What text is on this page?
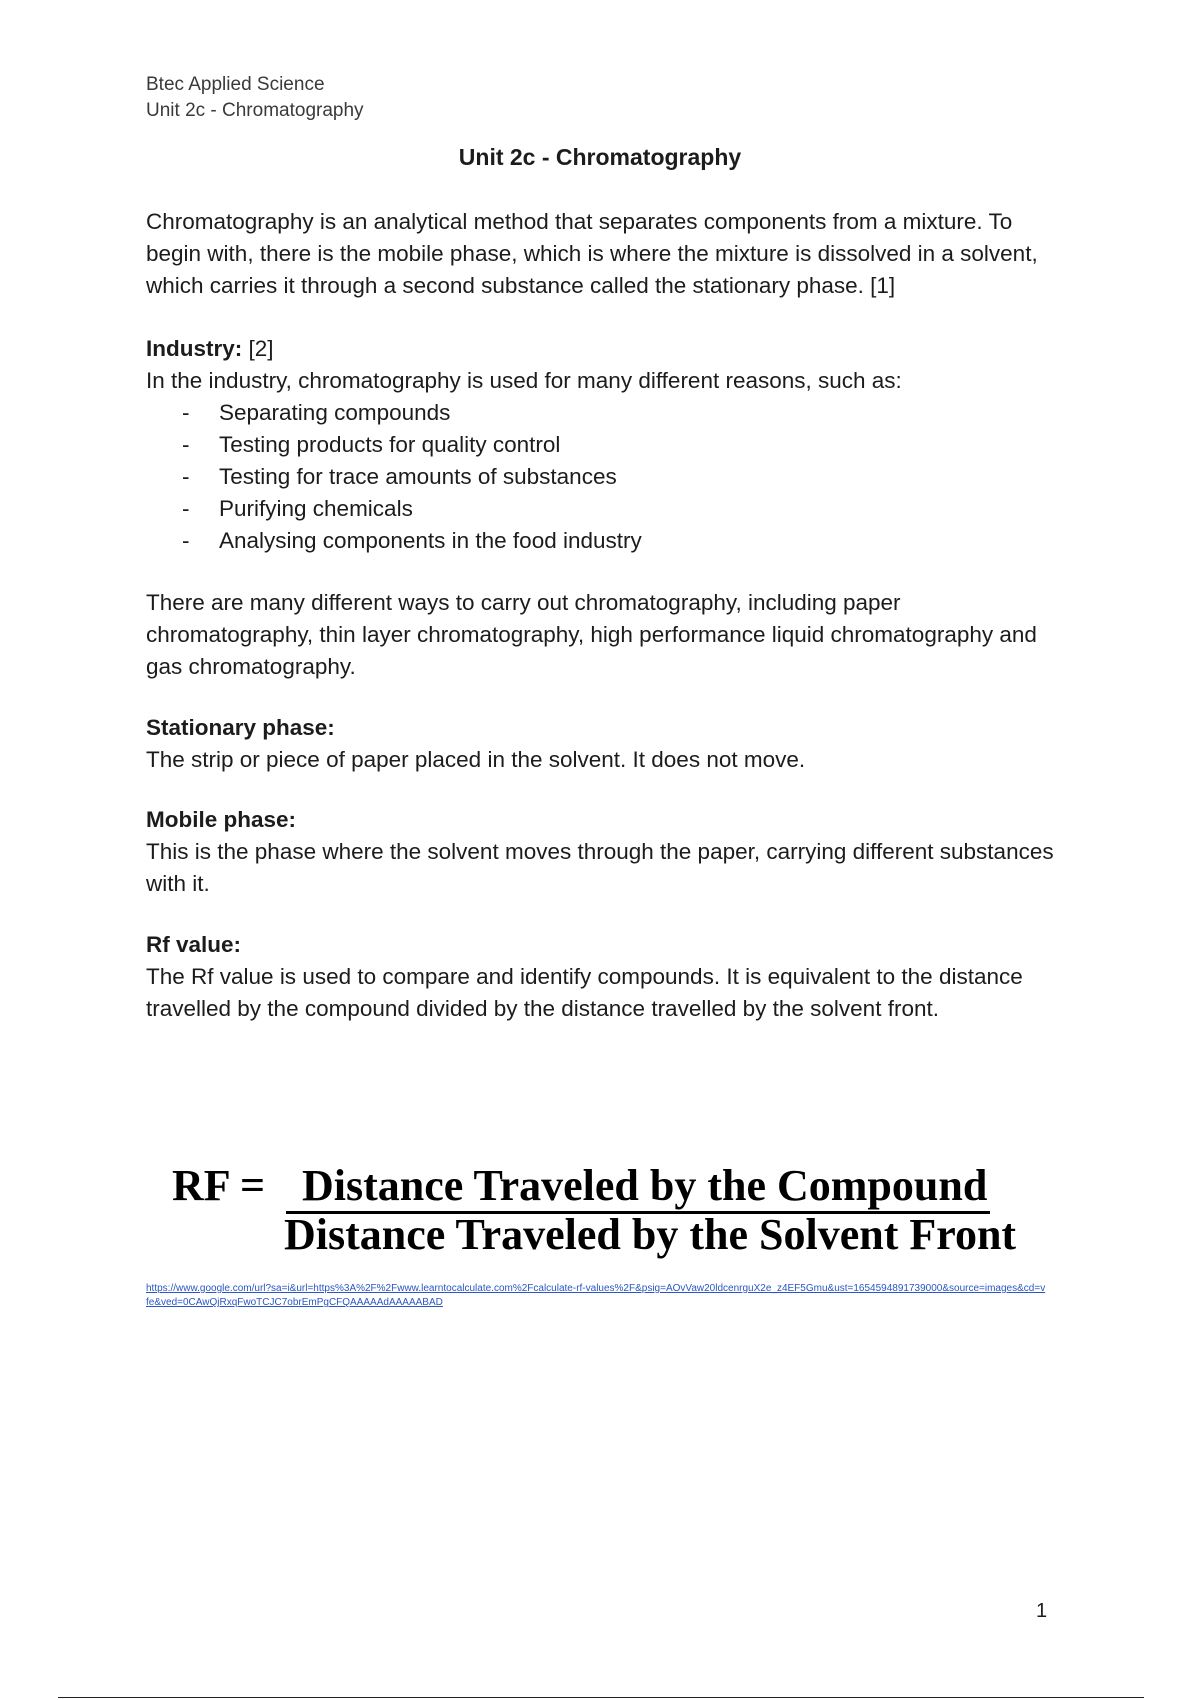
Btec Applied Science
Unit 2c - Chromatography
Unit 2c - Chromatography

Chromatography is an analytical method that separates components from a mixture. To begin with, there is the mobile phase, which is where the mixture is dissolved in a solvent, which carries it through a second substance called the stationary phase. [1]

Industry: [2]

In the industry, chromatography is used for many different reasons, such as:

- Separating compounds
- Testing products for quality control
- Testing for trace amounts of substances
- Purifying chemicals
- Analysing components in the food industry

There are many different ways to carry out chromatography, including paper chromatography, thin layer chromatography, high performance liquid chromatography and gas chromatography.

Stationary phase:

The strip or piece of paper placed in the solvent. It does not move.

Mobile phase:

This is the phase where the solvent moves through the paper, carrying different substances with it.

Rf value:

The Rf value is used to compare and identify compounds. It is equivalent to the distance travelled by the compound divided by the distance travelled by the solvent front.

RF = Distance Traveled by the Compound
Distance Traveled by the Solvent Front
https://www.google.com/url?sa=i&url=https%3A%2F%2Fwww.learntocalculate.com%2Fcalculate-rf-values%2F&psig=AOvVaw20ldcenrguX2e_z4EF5Gmu&ust=1654594891739000&source=images&cd=vfe&ved=0CAwQjRxqFwoTCJC7obrEmPgCFQAAAAAdAAAAABAD
1
